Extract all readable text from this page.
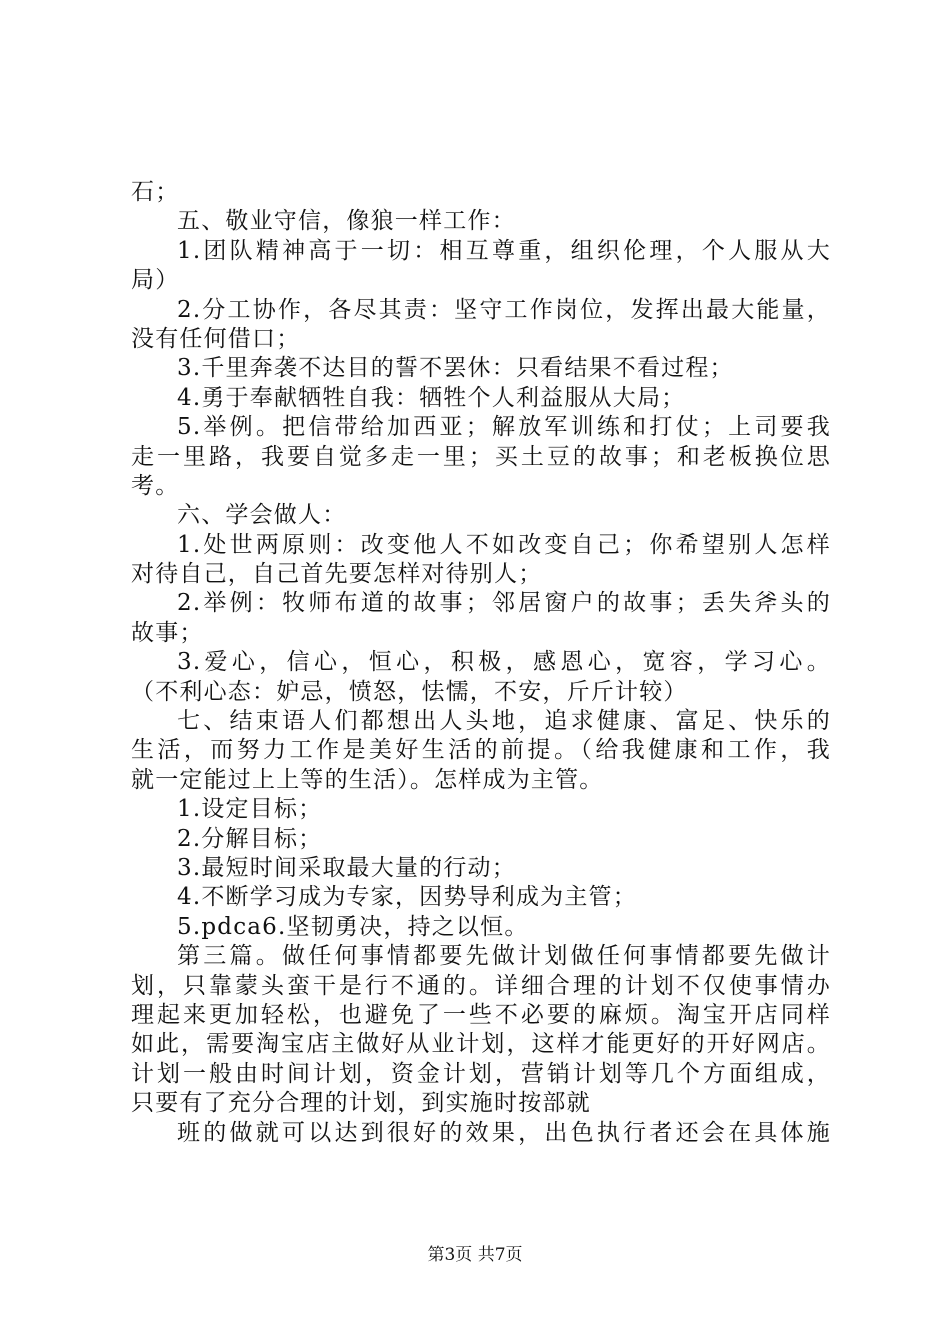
石；
五、敬业守信，像狼一样工作：
1.团队精神高于一切：相互尊重，组织伦理，个人服从大
局）
2.分工协作，各尽其责：坚守工作岗位，发挥出最大能量，
没有任何借口；
3.千里奔袭不达目的誓不罢休：只看结果不看过程；
4.勇于奉献牺牲自我：牺牲个人利益服从大局；
5.举例。把信带给加西亚；解放军训练和打仗；上司要我
走一里路，我要自觉多走一里；买土豆的故事；和老板换位思
考。
六、学会做人：
1.处世两原则：改变他人不如改变自己；你希望别人怎样
对待自己，自己首先要怎样对待别人；
2.举例：牧师布道的故事；邻居窗户的故事；丢失斧头的
故事；
3.爱心，信心，恒心，积极，感恩心，宽容，学习心。
（不利心态：妒忌，愤怒，怯懦，不安，斤斤计较）
七、结束语人们都想出人头地，追求健康、富足、快乐的
生活，而努力工作是美好生活的前提。（给我健康和工作，我
就一定能过上上等的生活）。怎样成为主管。
1.设定目标；
2.分解目标；
3.最短时间采取最大量的行动；
4.不断学习成为专家，因势导利成为主管；
5.pdca6.坚韧勇决，持之以恒。
第三篇。做任何事情都要先做计划做任何事情都要先做计
划，只靠蒙头蛮干是行不通的。详细合理的计划不仅使事情办
理起来更加轻松，也避免了一些不必要的麻烦。淘宝开店同样
如此，需要淘宝店主做好从业计划，这样才能更好的开好网店。
计划一般由时间计划，资金计划，营销计划等几个方面组成，
只要有了充分合理的计划，到实施时按部就
班的做就可以达到很好的效果，出色执行者还会在具体施
第3页 共7页
